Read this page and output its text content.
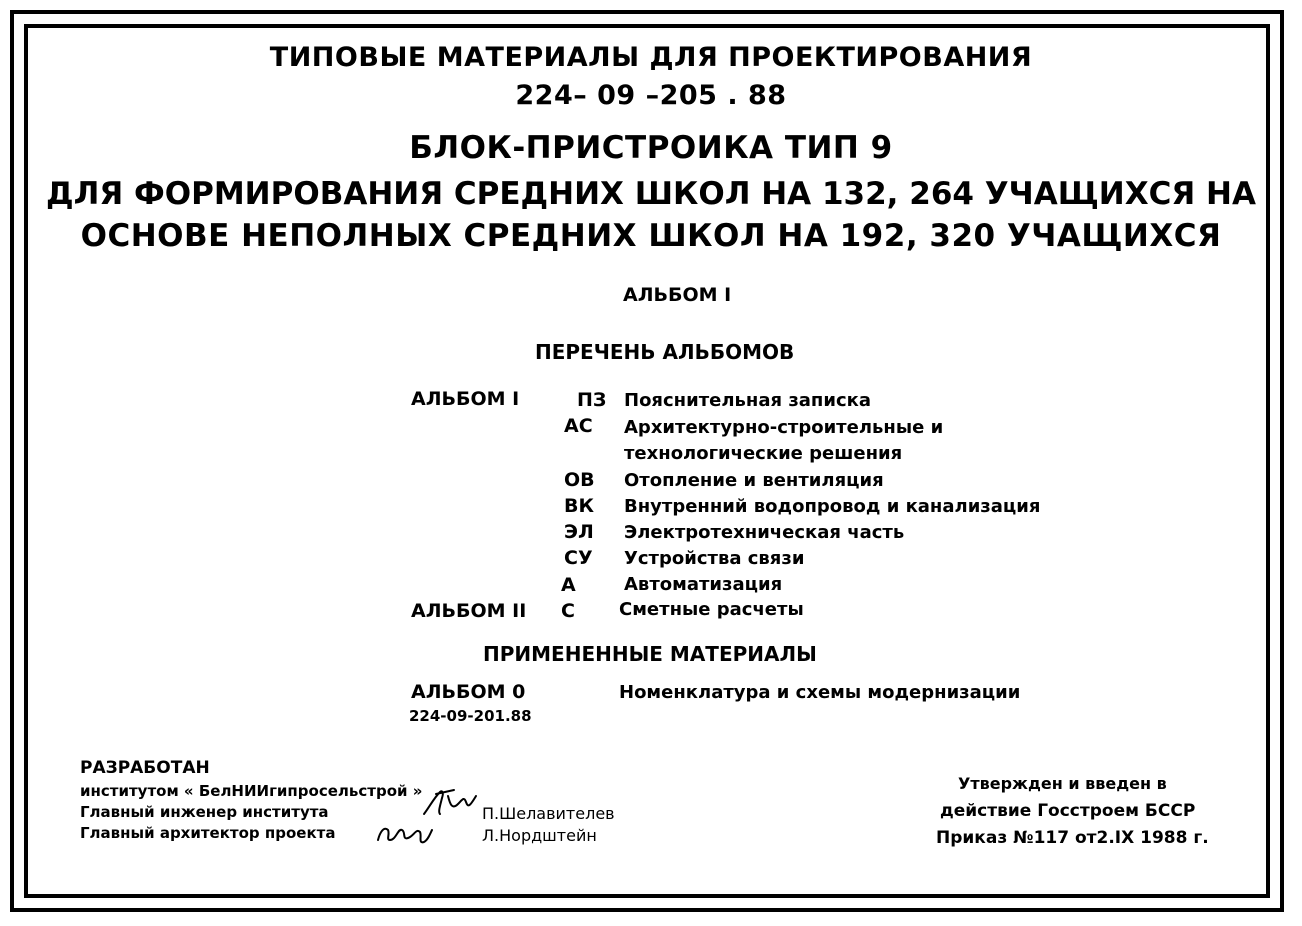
ТИПОВЫЕ МАТЕРИАЛЫ ДЛЯ ПРОЕКТИРОВАНИЯ
224– 09 –205 . 88
БЛОК-ПРИСТРОИКА ТИП 9
ДЛЯ ФОРМИРОВАНИЯ СРЕДНИХ ШКОЛ НА 132, 264 УЧАЩИХСЯ НА
ОСНОВЕ НЕПОЛНЫХ СРЕДНИХ ШКОЛ НА 192, 320 УЧАЩИХСЯ
АЛЬБОМ I
ПЕРЕЧЕНЬ АЛЬБОМОВ
АЛЬБОМ I
АЛЬБОМ II
ПЗ Пояснительная записка
АС Архитектурно-строительные и
технологические решения
ОВ Отопление и вентиляция
ВК Внутренний водопровод и канализация
ЭЛ Электротехническая часть
СУ Устройства связи
А	Автоматизация
С Сметные расчеты
ПРИМЕНЕННЫЕ МАТЕРИАЛЫ
АЛЬБОМ 0
224-09-201.88
Номенклатура и схемы модернизации
РАЗРАБОТАН
институтом « БелНИИгипросельстрой »
Главный инженер института
Главный архитектор проекта
П.Шелавителев
Л.Нордштейн
Утвержден и введен в
действие Госстроем БССР
Приказ №117 от2.IX 1988 г.
